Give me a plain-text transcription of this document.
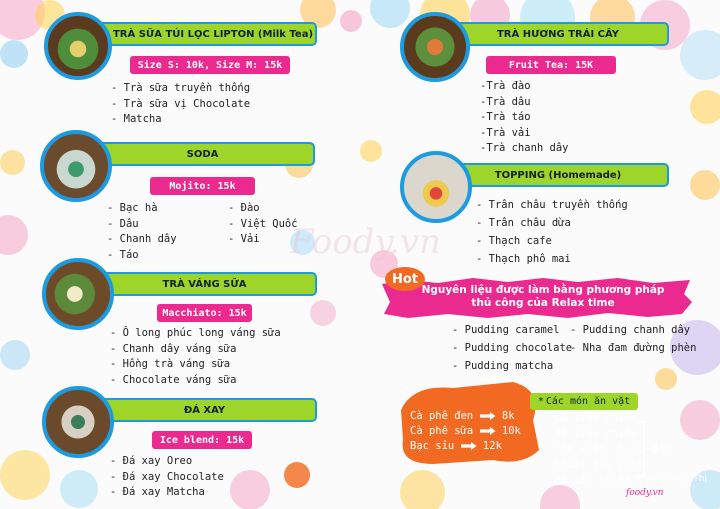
Foody.vn
TRÀ SỮA TÚI LỌC LIPTON (Milk Tea)
Size S: 10k, Size M: 15k
- Trà sữa truyền thống
- Trà sữa vị Chocolate
- Matcha
SODA
Mojito: 15k
- Bạc hà
- Dâu
- Chanh dây
- Táo
- Đào
- Việt Quốc
- Vải
TRÀ VÁNG SỮA
Macchiato: 15k
- Ô long phúc long váng sữa
- Chanh dây váng sữa
- Hồng trà váng sữa
- Chocolate váng sữa
ĐÁ XAY
Ice blend: 15k
- Đá xay Oreo
- Đá xay Chocolate
- Đá xay Matcha
TRÀ HƯƠNG TRÁI CÂY
Fruit Tea: 15K
-Trà đào
-Trà dâu
-Trà táo
-Trà vải
-Trà chanh dây
TOPPING (Homemade)
- Trân châu truyền thống
- Trân châu dừa
- Thạch cafe
- Thạch phô mai
Hot
Nguyên liệu được làm bằng phương pháp
thủ công của Relax time
- Pudding caramel
- Pudding chocolate
- Pudding matcha
- Pudding chanh dây
- Nha đam đường phèn
Cà phê đen	8k
Cà phê sữa	10k
Bạc sỉu	12k
* Các món ăn vặt
- Cá viên chiên
- Bò viên chiên
- Tôm viên chiên
- Khoai tây chiên
- Há cảo chiên
10k
Y Nhân Trương Thị
foody.vn
